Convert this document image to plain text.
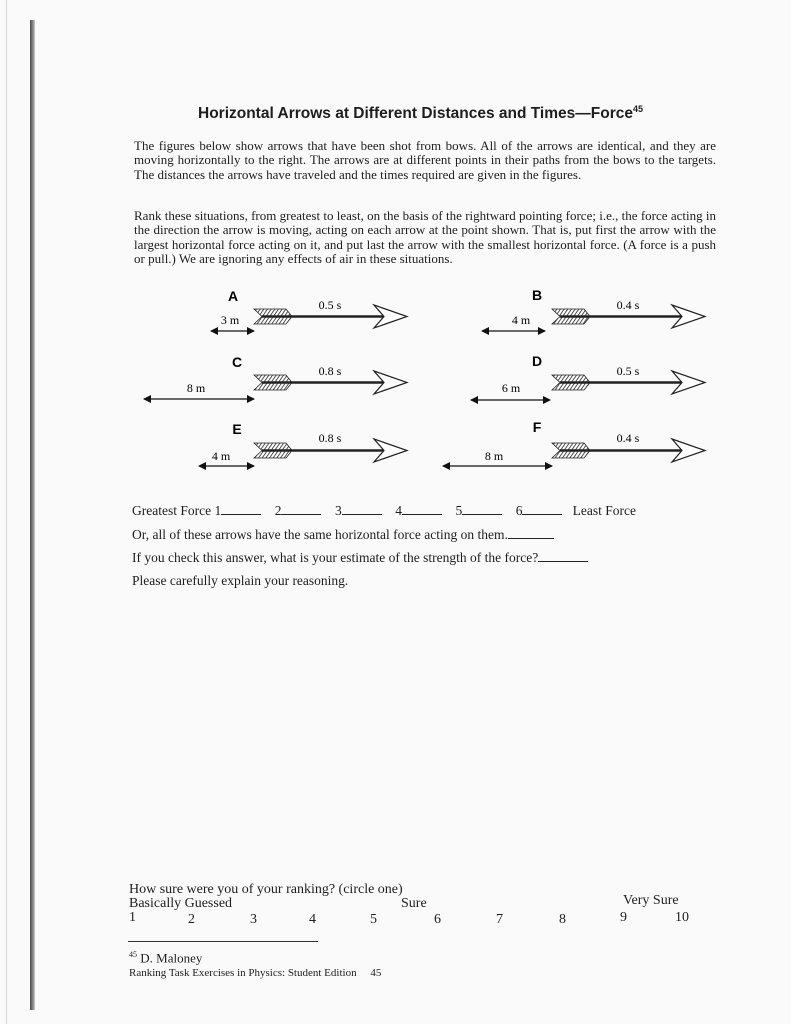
Horizontal Arrows at Different Distances and Times—Force$^{45}$
The figures below show arrows that have been shot from bows. All of the arrows are identical, and they are moving horizontally to the right. The arrows are at different points in their paths from the bows to the targets. The distances the arrows have traveled and the times required are given in the figures.
Rank these situations, from greatest to least, on the basis of the rightward pointing force; i.e., the force acting in the direction the arrow is moving, acting on each arrow at the point shown. That is, put first the arrow with the largest horizontal force acting on it, and put last the arrow with the smallest horizontal force. (A force is a push or pull.) We are ignoring any effects of air in these situations.
A
3 m
0.5 s
B
4 m
0.4 s
C
8 m
0.8 s
D
6 m
0.5 s
E
4 m
0.8 s
F
8 m
0.4 s
Greatest Force 1	2	3	4	5	6	Least Force
Or, all of these arrows have the same horizontal force acting on them.
If you check this answer, what is your estimate of the strength of the force?
Please carefully explain your reasoning.
How sure were you of your ranking? (circle one)
Basically Guessed	Sure	Very Sure
1	2	3	4	5	6	7	8	9	10
$^{45}$ D. Maloney
Ranking Task Exercises in Physics: Student Edition 45
